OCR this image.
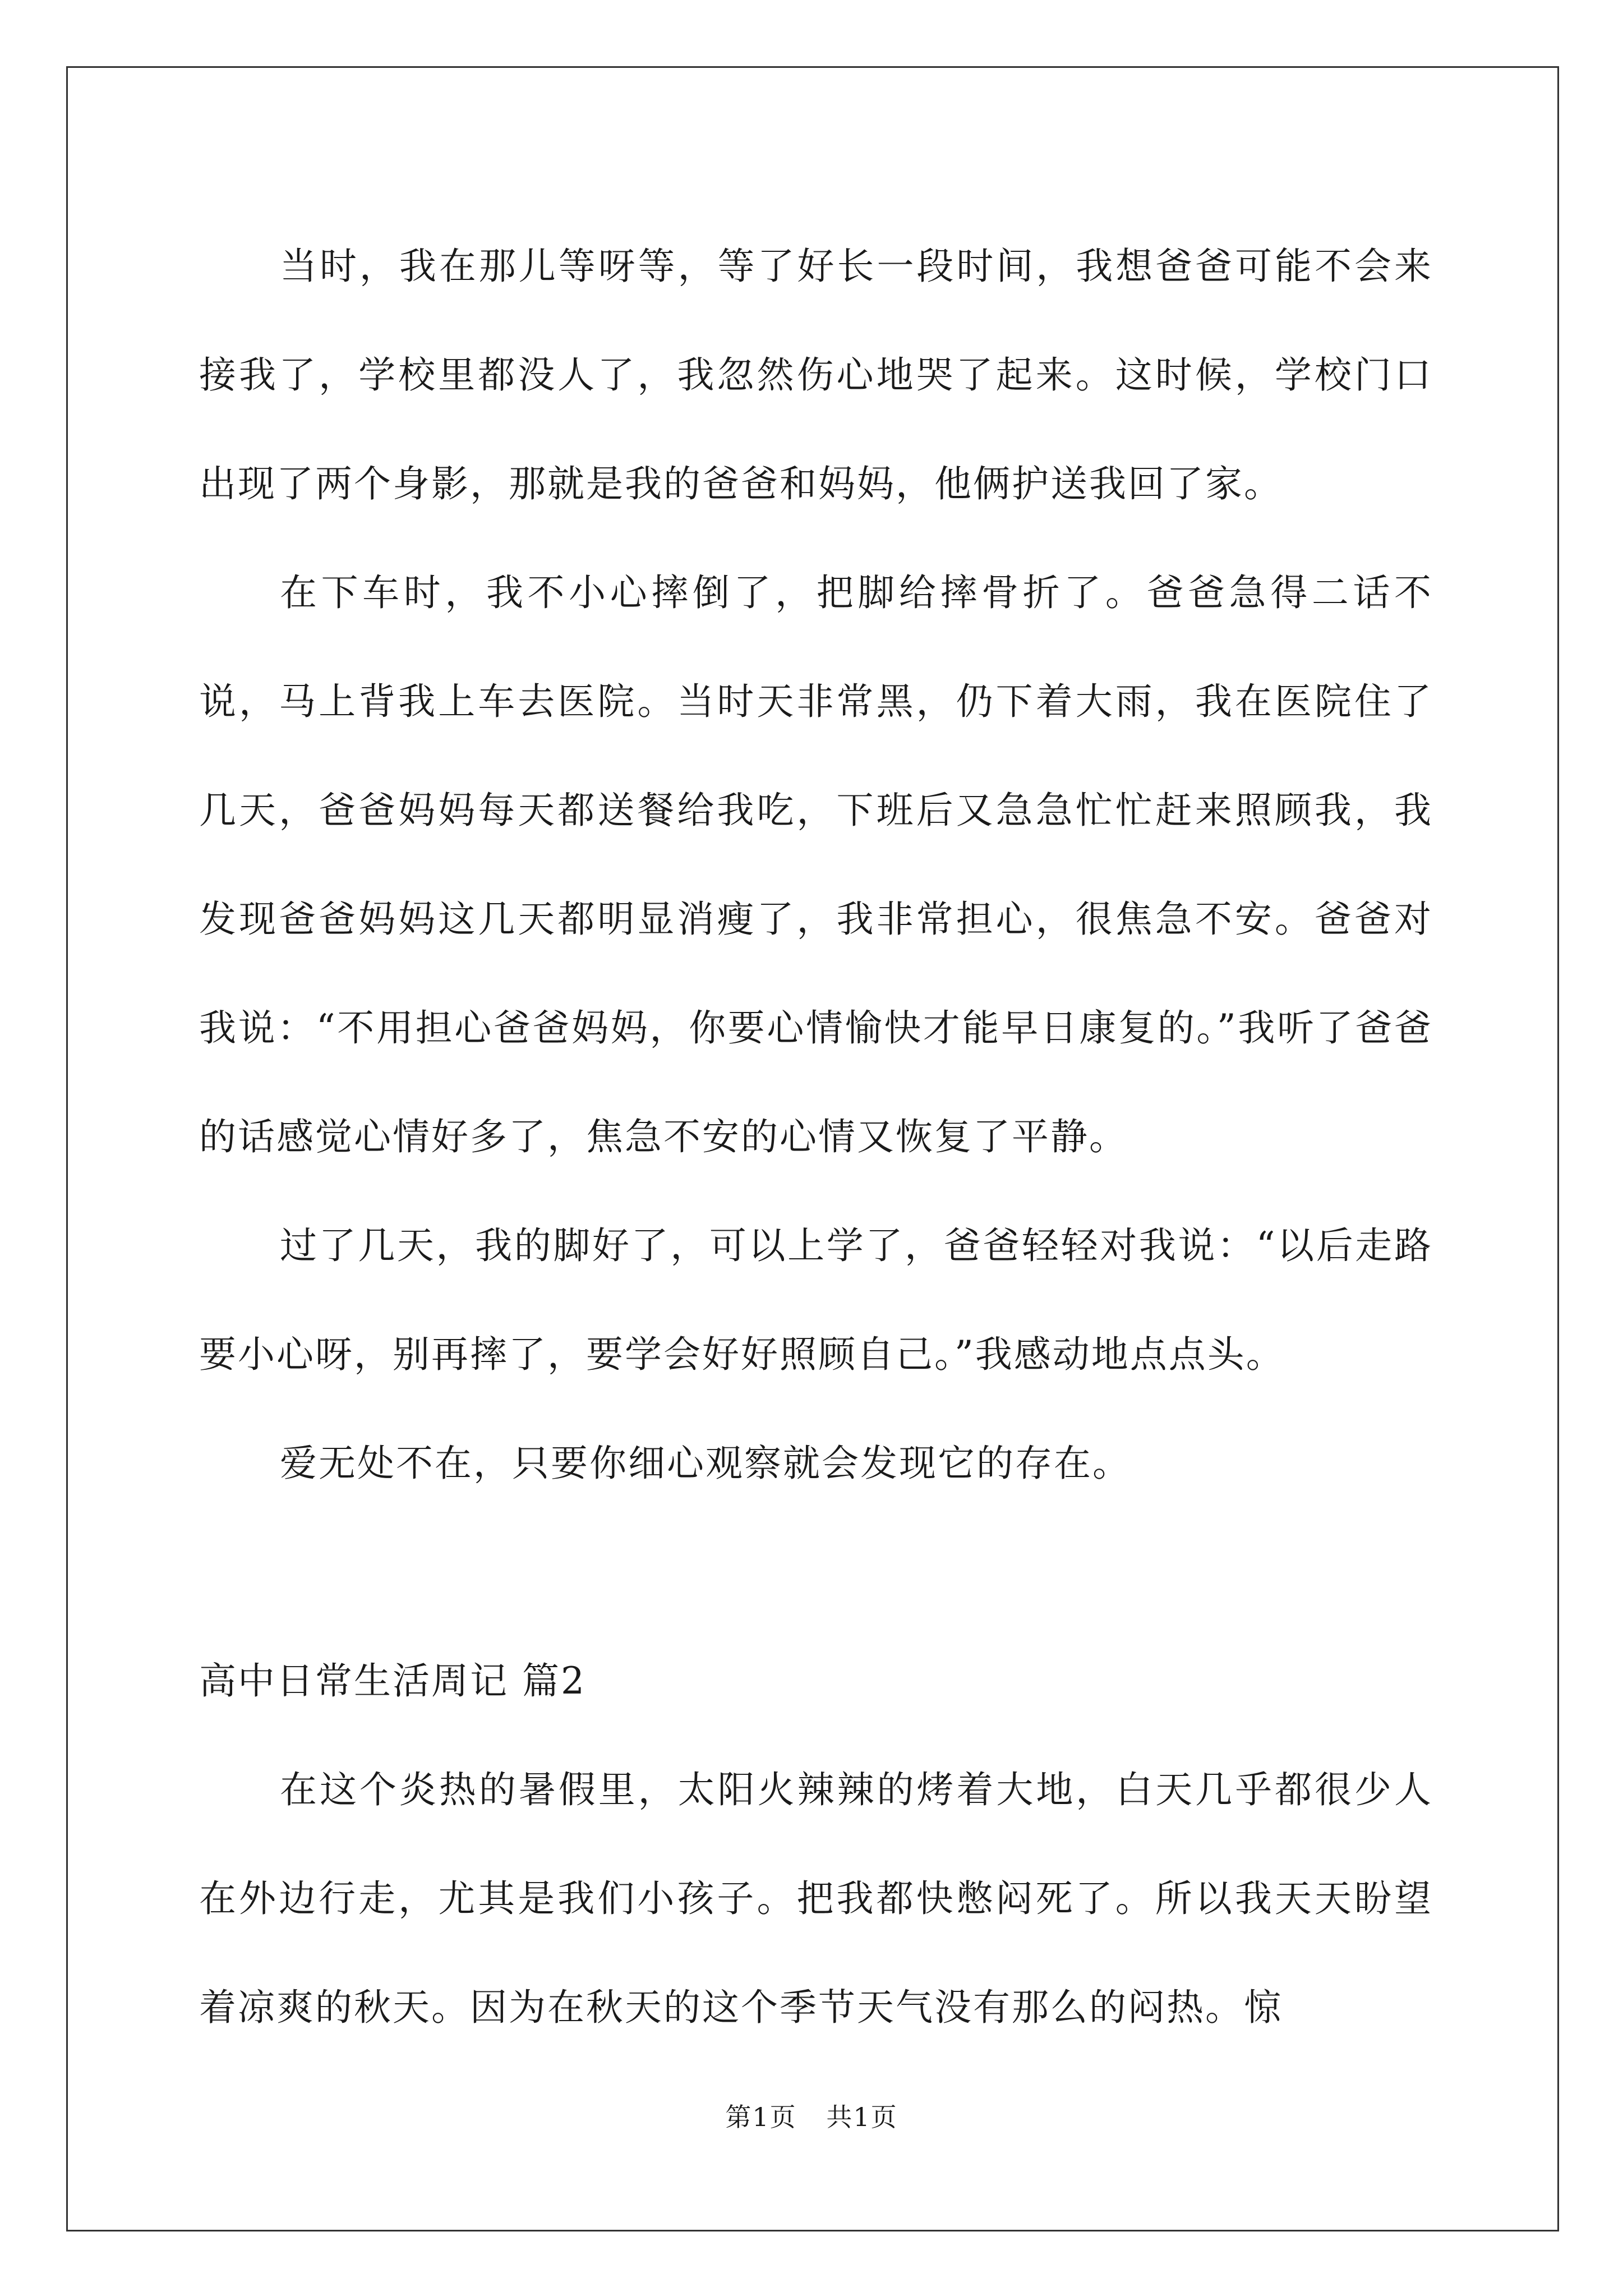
当时，我在那儿等呀等，等了好长一段时间，我想爸爸可能不会来接我了，学校里都没人了，我忽然伤心地哭了起来。这时候，学校门口出现了两个身影，那就是我的爸爸和妈妈，他俩护送我回了家。

在下车时，我不小心摔倒了，把脚给摔骨折了。爸爸急得二话不说，马上背我上车去医院。当时天非常黑，仍下着大雨，我在医院住了几天，爸爸妈妈每天都送餐给我吃，下班后又急急忙忙赶来照顾我，我发现爸爸妈妈这几天都明显消瘦了，我非常担心，很焦急不安。爸爸对我说：“不用担心爸爸妈妈，你要心情愉快才能早日康复的。”我听了爸爸的话感觉心情好多了，焦急不安的心情又恢复了平静。

过了几天，我的脚好了，可以上学了，爸爸轻轻对我说：“以后走路要小心呀，别再摔了，要学会好好照顾自己。”我感动地点点头。

爱无处不在，只要你细心观察就会发现它的存在。

高中日常生活周记 篇2

在这个炎热的暑假里，太阳火辣辣的烤着大地，白天几乎都很少人在外边行走，尤其是我们小孩子。把我都快憋闷死了。所以我天天盼望着凉爽的秋天。因为在秋天的这个季节天气没有那么的闷热。惊

第1页 共1页
